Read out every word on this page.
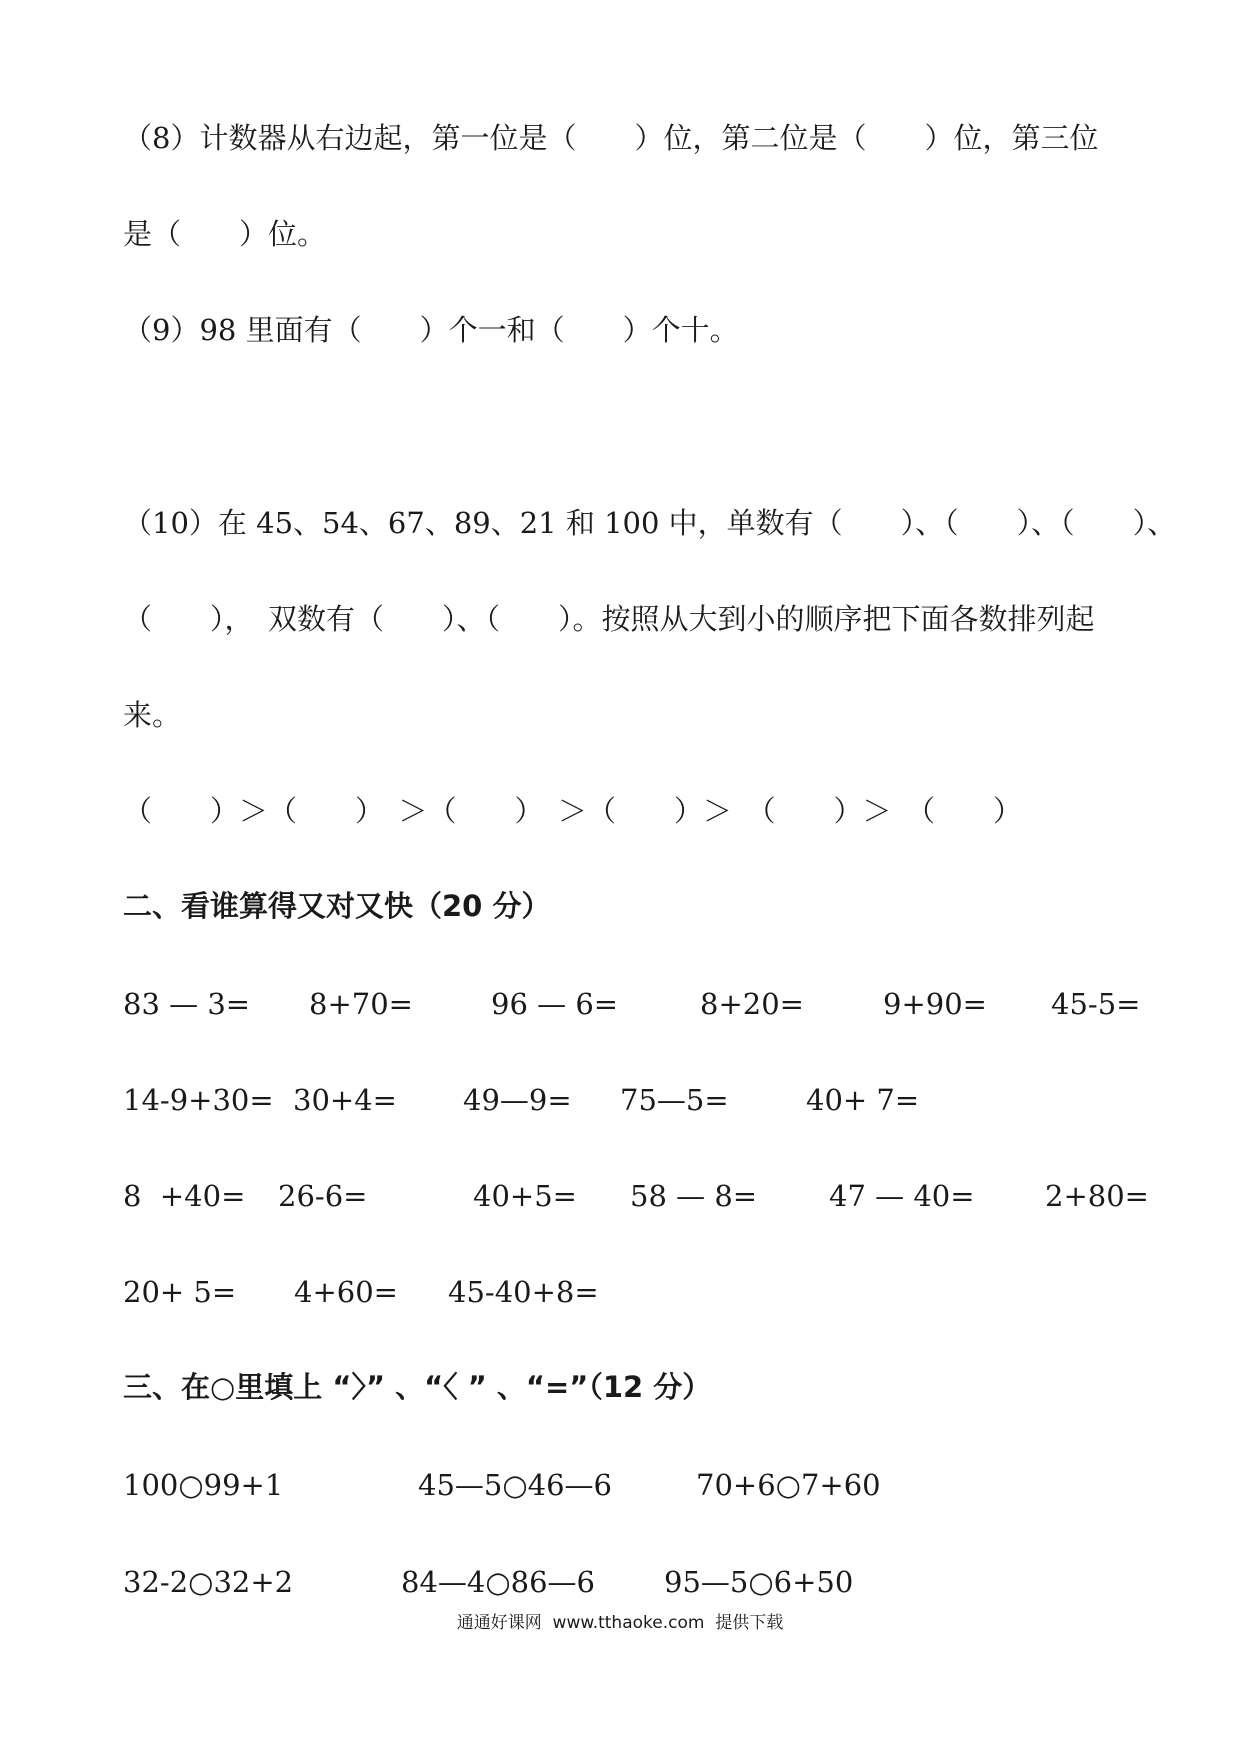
（8）计数器从右边起，第一位是（　　）位，第二位是（　　）位，第三位
是（　　）位。
（9）98 里面有（　　）个一和（　　）个十。
（10）在 45、54、67、89、21 和 100 中，单数有（　　）、（　　）、（　　）、
（　　），　双数有（　　）、（　　）。按照从大到小的顺序把下面各数排列起
来。
（　　）＞（　　）　＞（　　）　＞（　　）＞　（　　）＞　（　　）
二、看谁算得又对又快（20 分）
83 — 3= 8+70=	96 — 6=	8+20=	9+90= 45-5=
14-9+30= 30+4= 49—9= 75—5=	40+ 7=
8  +40= 26-6=	40+5= 58 — 8= 47 — 40= 2+80=
20+ 5= 4+60= 45-40+8=
三、在○里填上 “〉” 、“〈 ” 、“=”（12 分）
100○99+1	45—5○46—6	70+6○7+60
32-2○32+2	84—4○86—6 95—5○6+50
通通好课网  www.tthaoke.com  提供下载
